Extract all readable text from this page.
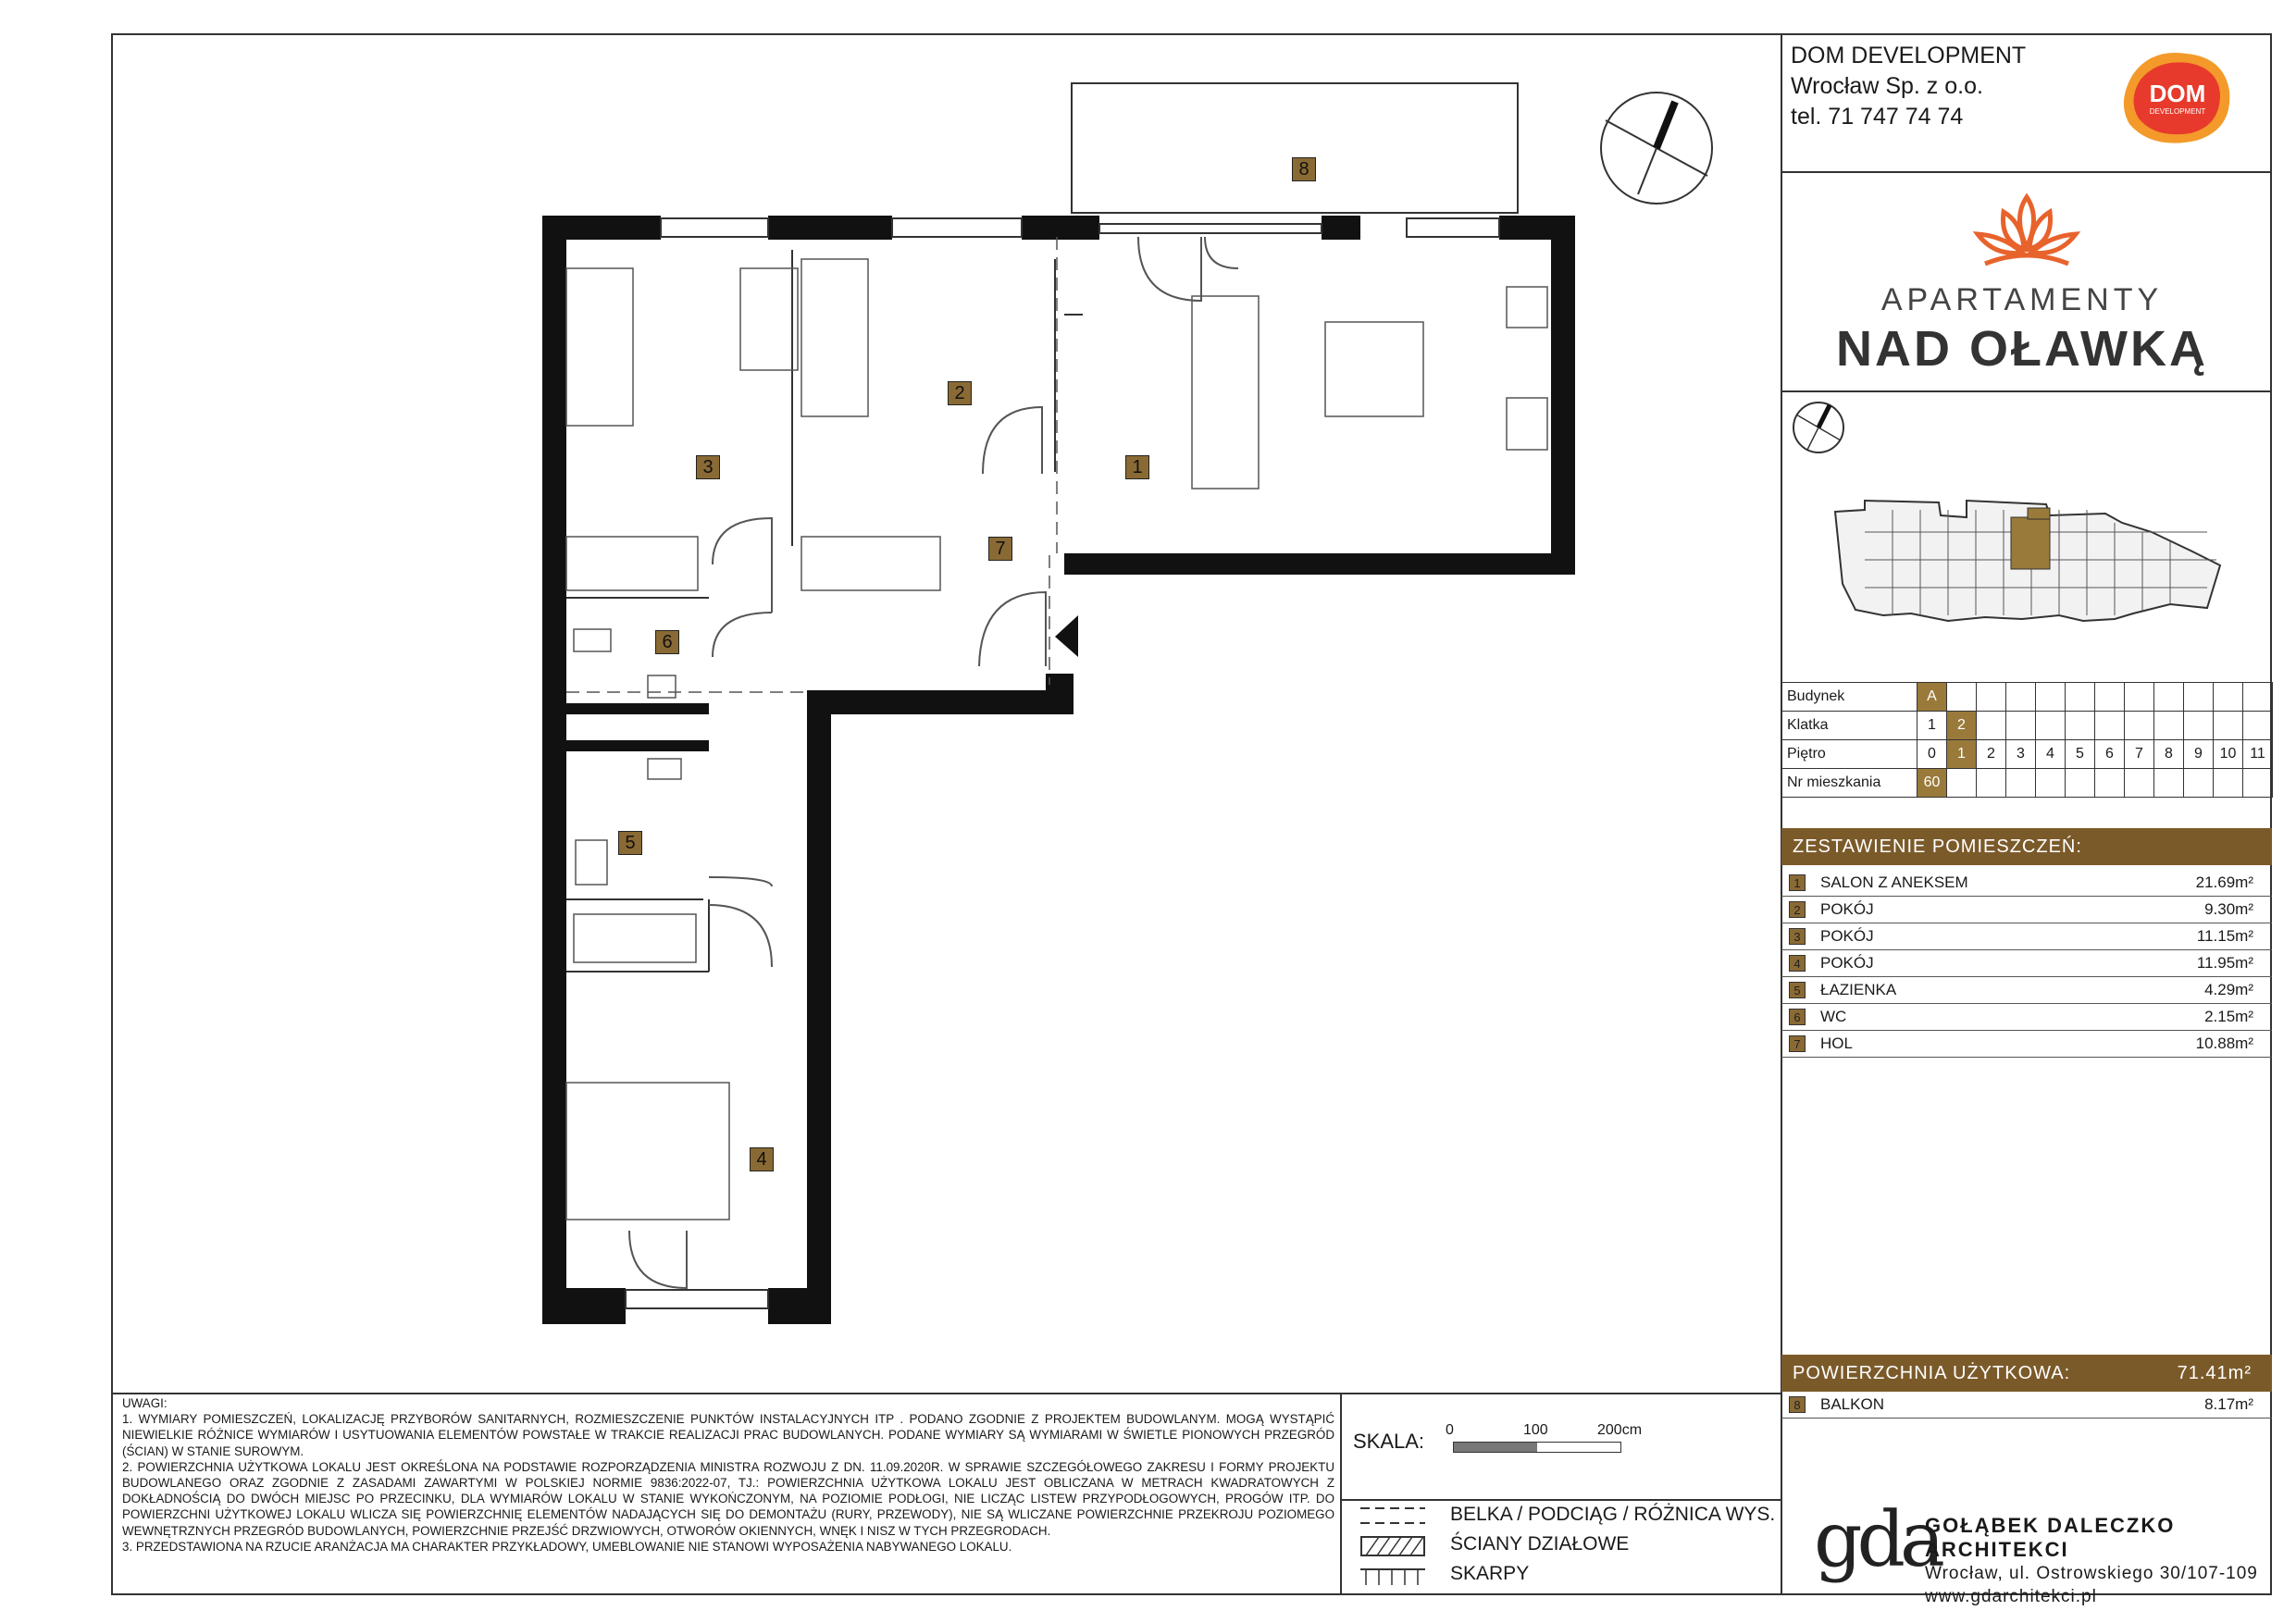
DOM DEVELOPMENT
Wrocław Sp. z o.o.
tel. 71 747 74 74
DOM
DEVELOPMENT
APARTAMENTY
NAD OŁAWKĄ
Budynek	A											
Klatka	1	2										
Piętro	0	1	2	3	4	5	6	7	8	9	10	11
Nr mieszkania	60											
ZESTAWIENIE POMIESZCZEŃ:
1	SALON Z ANEKSEM	21.69m²
2	POKÓJ	9.30m²
3	POKÓJ	11.15m²
4	POKÓJ	11.95m²
5	ŁAZIENKA	4.29m²
6	WC	2.15m²
7	HOL	10.88m²
POWIERZCHNIA UŻYTKOWA:	71.41m²
8	BALKON	8.17m²
1
2
3
4
5
6
7
8
UWAGI:
1. WYMIARY POMIESZCZEŃ, LOKALIZACJĘ PRZYBORÓW SANITARNYCH, ROZMIESZCZENIE PUNKTÓW INSTALACYJNYCH ITP . PODANO ZGODNIE Z PROJEKTEM BUDOWLANYM. MOGĄ WYSTĄPIĆ NIEWIELKIE RÓŻNICE WYMIARÓW I USYTUOWANIA ELEMENTÓW POWSTAŁE W TRAKCIE REALIZACJI PRAC BUDOWLANYCH. PODANE WYMIARY SĄ WYMIARAMI W ŚWIETLE PIONOWYCH PRZEGRÓD (ŚCIAN) W STANIE SUROWYM.
2. POWIERZCHNIA UŻYTKOWA LOKALU JEST OKREŚLONA NA PODSTAWIE ROZPORZĄDZENIA MINISTRA ROZWOJU Z DN. 11.09.2020R. W SPRAWIE SZCZEGÓŁOWEGO ZAKRESU I FORMY PROJEKTU BUDOWLANEGO ORAZ ZGODNIE Z ZASADAMI ZAWARTYMI W POLSKIEJ NORMIE 9836:2022-07, TJ.: POWIERZCHNIA UŻYTKOWA LOKALU JEST OBLICZANA W METRACH KWADRATOWYCH Z DOKŁADNOŚCIĄ DO DWÓCH MIEJSC PO PRZECINKU, DLA WYMIARÓW LOKALU W STANIE WYKOŃCZONYM, NA POZIOMIE PODŁOGI, NIE LICZĄC LISTEW PRZYPODŁOGOWYCH, PROGÓW ITP. DO POWIERZCHNI UŻYTKOWEJ LOKALU WLICZA SIĘ POWIERZCHNIĘ ELEMENTÓW NADAJĄCYCH SIĘ DO DEMONTAŻU (RURY, PRZEWODY), NIE SĄ WLICZANE POWIERZCHNIE PRZEKROJU POZIOMEGO WEWNĘTRZNYCH PRZEGRÓD BUDOWLANYCH, POWIERZCHNIE PRZEJŚĆ DRZWIOWYCH, OTWORÓW OKIENNYCH, WNĘK I NISZ W TYCH PRZEGRODACH.
3. PRZEDSTAWIONA NA RZUCIE ARANŻACJA MA CHARAKTER PRZYKŁADOWY, UMEBLOWANIE NIE STANOWI WYPOSAŻENIA NABYWANEGO LOKALU.
SKALA: 0	100	200cm
BELKA / PODCIĄG / RÓŻNICA WYS.
ŚCIANY DZIAŁOWE
SKARPY	gda
GOŁĄBEK DALECZKO ARCHITEKCI
Wrocław, ul. Ostrowskiego 30/107-109
www.gdarchitekci.pl
